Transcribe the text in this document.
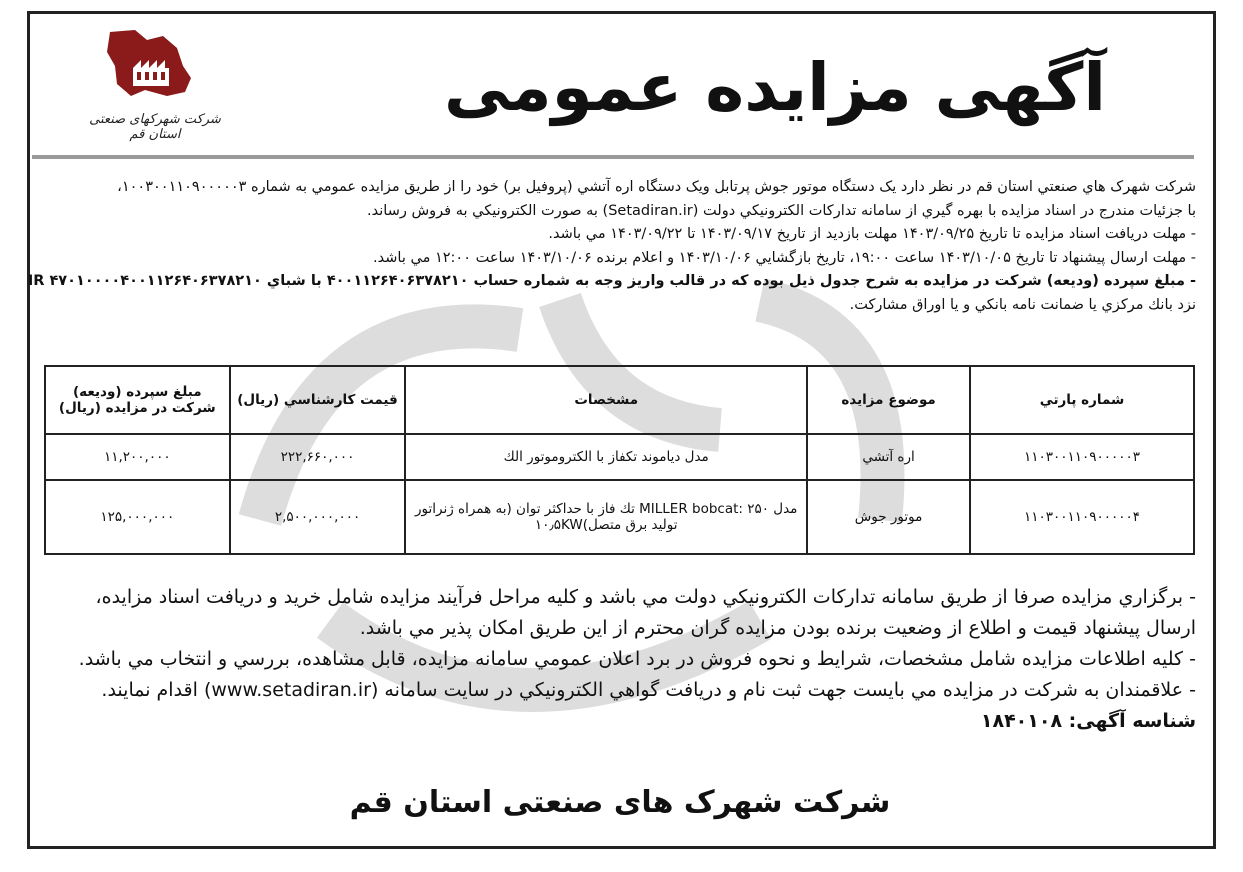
شرکت شهرکهای صنعتی استان قم
آگهی مزایده عمومی

شرکت شهرک هاي صنعتي استان قم در نظر دارد يک دستگاه موتور جوش پرتابل ويک دستگاه اره آتشي (پروفيل بر) خود را از طريق مزايده عمومي به شماره ۱۰۰۳۰۰۱۱۰۹۰۰۰۰۰۳،

با جزئيات مندرج در اسناد مزايده با بهره گيري از سامانه تداركات الكترونيكي دولت (Setadiran.ir) به صورت الكترونيكي به فروش رساند.

- مهلت دريافت اسناد مزايده تا تاريخ ۱۴۰۳/۰۹/۲۵ مهلت بازديد از تاريخ ۱۴۰۳/۰۹/۱۷ تا ۱۴۰۳/۰۹/۲۲ مي باشد.

- مهلت ارسال پيشنهاد تا تاريخ ۱۴۰۳/۱۰/۰۵ ساعت ۱۹:۰۰، تاريخ بازگشايي ۱۴۰۳/۱۰/۰۶ و اعلام برنده ۱۴۰۳/۱۰/۰۶ ساعت ۱۲:۰۰ مي باشد.

- مبلغ سپرده (وديعه) شرکت در مزايده به شرح جدول ذيل بوده که در قالب واريز وجه به شماره حساب ۴۰۰۱۱۲۶۴۰۶۳۷۸۲۱۰ با شباي IR ۴۷۰۱۰۰۰۰۴۰۰۱۱۲۶۴۰۶۳۷۸۲۱۰

نزد بانك مرکزي يا ضمانت نامه بانکي و يا اوراق مشارکت.

شماره پارتي	موضوع مزايده	مشخصات	قيمت كارشناسي (ريال)	مبلغ سپرده (وديعه) شرکت در مزايده (ريال)
۱۱۰۳۰۰۱۱۰۹۰۰۰۰۰۳	اره آتشي	مدل دياموند تكفاز با الكتروموتور الك	۲۲۲,۶۶۰,۰۰۰	۱۱,۲۰۰,۰۰۰
۱۱۰۳۰۰۱۱۰۹۰۰۰۰۰۴	موتور جوش	مدل MILLER bobcat: ۲۵۰ تك فاز با حداكثر توان (به همراه ژنراتور توليد برق متصل)۱۰٫۵KW	۲,۵۰۰,۰۰۰,۰۰۰	۱۲۵,۰۰۰,۰۰۰

- برگزاري مزايده صرفا از طريق سامانه تداركات الكترونيكي دولت مي باشد و كليه مراحل فرآيند مزايده شامل خريد و دريافت اسناد مزايده،

ارسال پيشنهاد قيمت و اطلاع از وضعيت برنده بودن مزايده گران محترم از اين طريق امكان پذير مي باشد.

- كليه اطلاعات مزايده شامل مشخصات، شرايط و نحوه فروش در برد اعلان عمومي سامانه مزايده، قابل مشاهده، بررسي و انتخاب مي باشد.

- علاقمندان به شرکت در مزايده مي بايست جهت ثبت نام و دريافت گواهي الكترونيكي در سايت سامانه (www.setadiran.ir) اقدام نمايند.

شناسه آگهی: ۱۸۴۰۱۰۸

شرکت شهرک های صنعتی استان قم
